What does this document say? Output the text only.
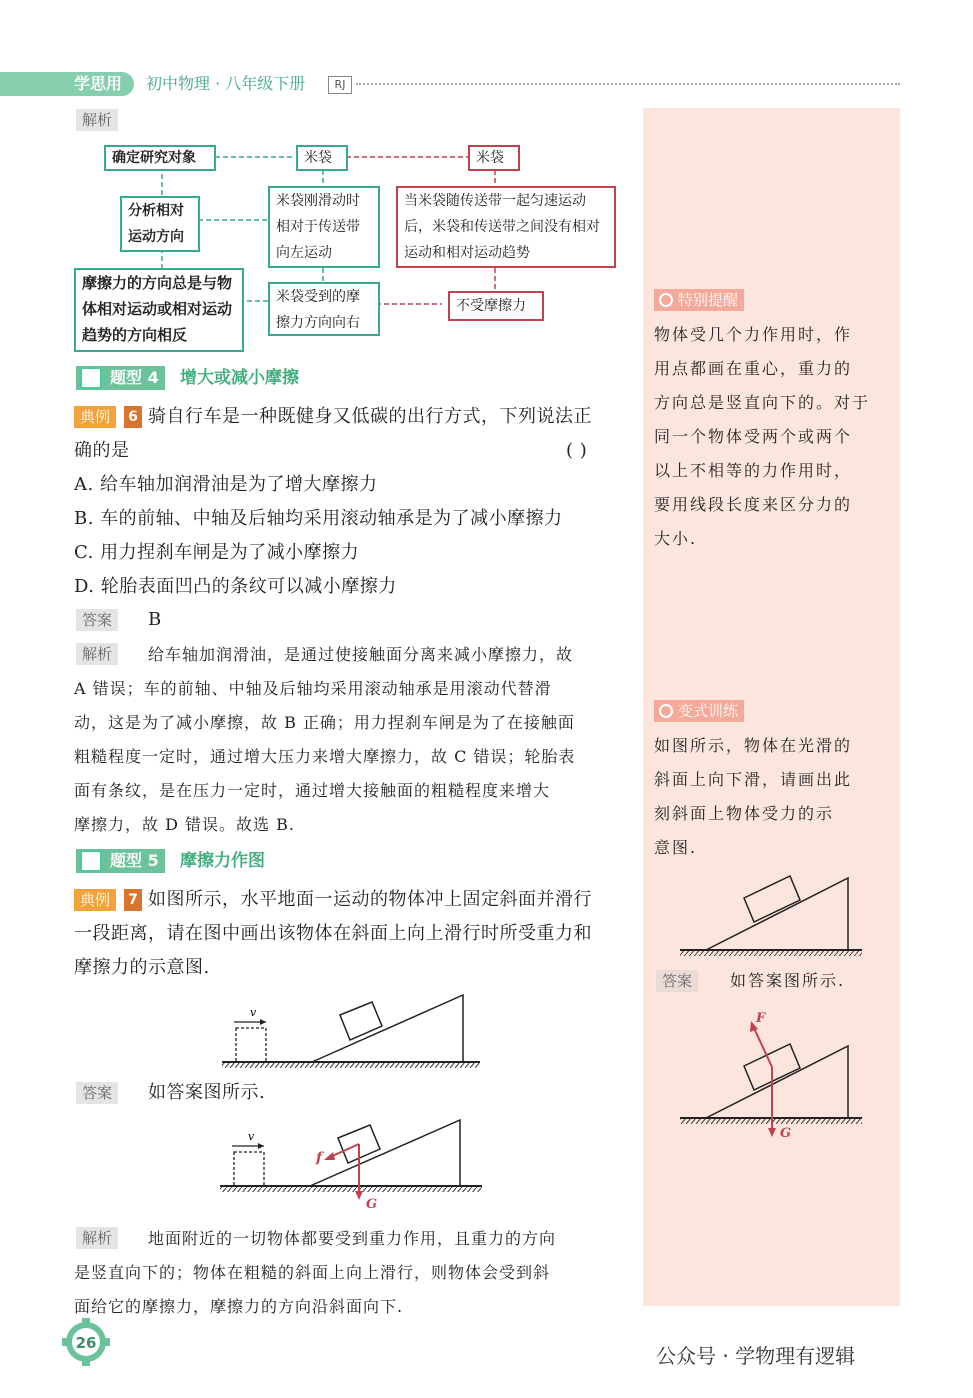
学思用 初中物理 · 八年级下册	RJ
解析
确定研究对象
分析相对运动方向
摩擦力的方向总是与物体相对运动或相对运动趋势的方向相反
米袋
米袋刚滑动时相对于传送带向左运动
米袋受到的摩擦力方向向右
米袋
当米袋随传送带一起匀速运动后，米袋和传送带之间没有相对运动和相对运动趋势
不受摩擦力
题型 4	增大或减小摩擦
典例	6 骑自行车是一种既健身又低碳的出行方式，下列说法正
确的是	( )
A. 给车轴加润滑油是为了增大摩擦力
B. 车的前轴、中轴及后轴均采用滚动轴承是为了减小摩擦力
C. 用力捏刹车闸是为了减小摩擦力
D. 轮胎表面凹凸的条纹可以减小摩擦力
答案	B
解析	给车轴加润滑油，是通过使接触面分离来减小摩擦力，故
A 错误；车的前轴、中轴及后轴均采用滚动轴承是用滚动代替滑
动，这是为了减小摩擦，故 B 正确；用力捏刹车闸是为了在接触面
粗糙程度一定时，通过增大压力来增大摩擦力，故 C 错误；轮胎表
面有条纹，是在压力一定时，通过增大接触面的粗糙程度来增大
摩擦力，故 D 错误。故选 B.
题型 5	摩擦力作图
典例	7 如图所示，水平地面一运动的物体冲上固定斜面并滑行
一段距离，请在图中画出该物体在斜面上向上滑行时所受重力和
摩擦力的示意图.
v
答案	如答案图所示.
v
f
G
解析	地面附近的一切物体都要受到重力作用，且重力的方向
是竖直向下的；物体在粗糙的斜面上向上滑行，则物体会受到斜
面给它的摩擦力，摩擦力的方向沿斜面向下.
特别提醒
物体受几个力作用时，作
用点都画在重心，重力的
方向总是竖直向下的。对于
同一个物体受两个或两个
以上不相等的力作用时，
要用线段长度来区分力的
大小.
变式训练
如图所示，物体在光滑的
斜面上向下滑，请画出此
刻斜面上物体受力的示
意图.
答案	如答案图所示.
F
G
26
公众号 · 学物理有逻辑
